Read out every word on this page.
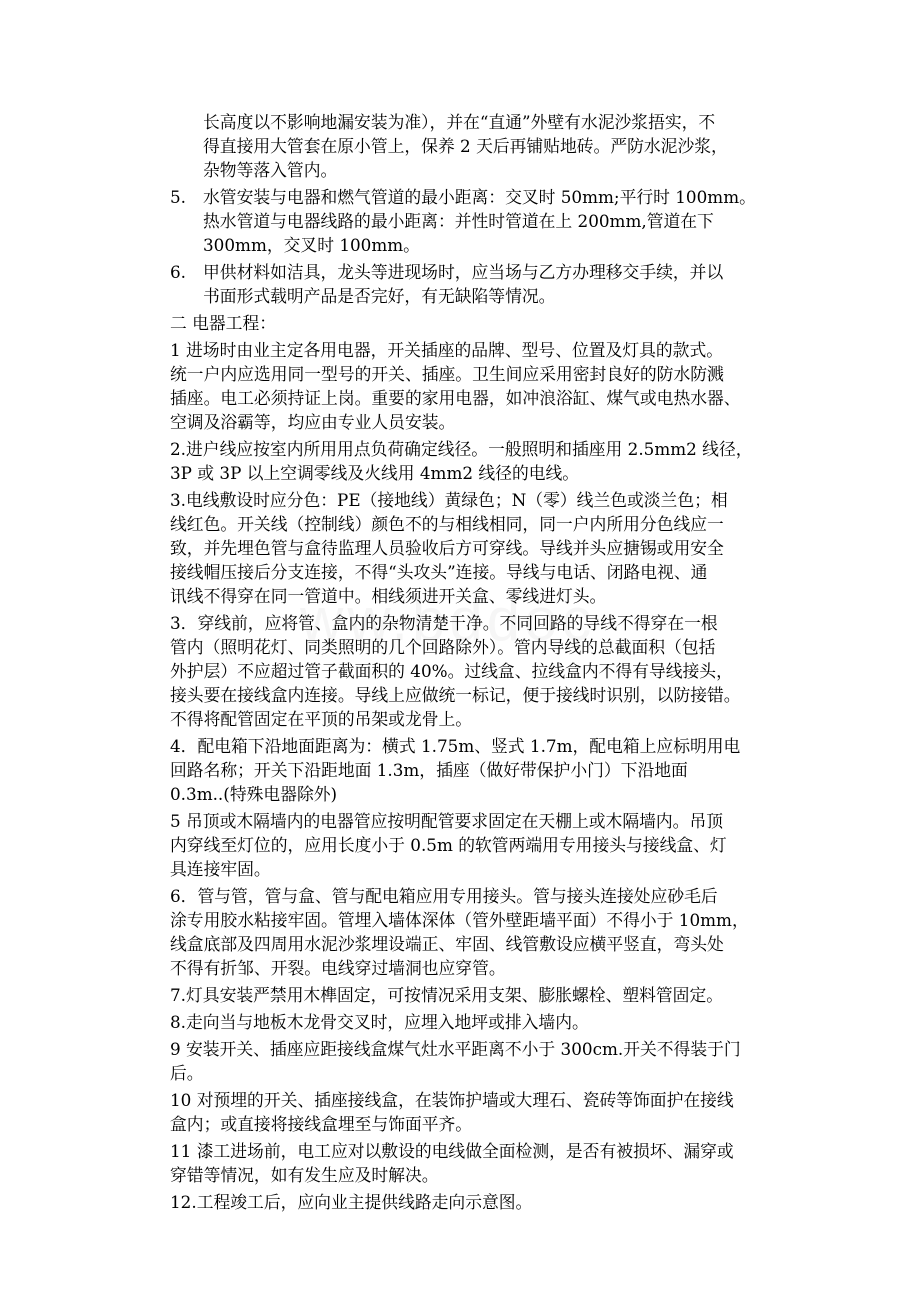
长高度以不影响地漏安装为准），并在“直通”外壁有水泥沙浆捂实，不
得直接用大管套在原小管上，保养 2 天后再铺贴地砖。严防水泥沙浆，
杂物等落入管内。
5.	水管安装与电器和燃气管道的最小距离：交叉时 50mm;平行时 100mm。
热水管道与电器线路的最小距离：并性时管道在上 200mm,管道在下
300mm，交叉时 100mm。
6.	甲供材料如洁具，龙头等进现场时，应当场与乙方办理移交手续，并以
书面形式载明产品是否完好，有无缺陷等情况。
二 电器工程：
1 进场时由业主定各用电器，开关插座的品牌、型号、位置及灯具的款式。
统一户内应选用同一型号的开关、插座。卫生间应采用密封良好的防水防溅
插座。电工必须持证上岗。重要的家用电器，如冲浪浴缸、煤气或电热水器、
空调及浴霸等，均应由专业人员安装。
2.进户线应按室内所用用点负荷确定线径。一般照明和插座用 2.5mm2 线径，
3P 或 3P 以上空调零线及火线用 4mm2 线径的电线。
3.电线敷设时应分色：PE（接地线）黄绿色；N（零）线兰色或淡兰色；相
线红色。开关线（控制线）颜色不的与相线相同，同一户内所用分色线应一
致，并先埋色管与盒待监理人员验收后方可穿线。导线并头应搪锡或用安全
接线帽压接后分支连接，不得“头攻头”连接。导线与电话、闭路电视、通
讯线不得穿在同一管道中。相线须进开关盒、零线进灯头。
3．穿线前，应将管、盒内的杂物清楚干净。不同回路的导线不得穿在一根
管内（照明花灯、同类照明的几个回路除外）。管内导线的总截面积（包括
外护层）不应超过管子截面积的 40%。过线盒、拉线盒内不得有导线接头，
接头要在接线盒内连接。导线上应做统一标记，便于接线时识别，以防接错。
不得将配管固定在平顶的吊架或龙骨上。
4．配电箱下沿地面距离为：横式 1.75m、竖式 1.7m，配电箱上应标明用电
回路名称；开关下沿距地面 1.3m，插座（做好带保护小门）下沿地面
0.3m..(特殊电器除外)
5 吊顶或木隔墙内的电器管应按明配管要求固定在天棚上或木隔墙内。吊顶
内穿线至灯位的，应用长度小于 0.5m 的软管两端用专用接头与接线盒、灯
具连接牢固。
6．管与管，管与盒、管与配电箱应用专用接头。管与接头连接处应砂毛后
涂专用胶水粘接牢固。管埋入墙体深体（管外壁距墙平面）不得小于 10mm，
线盒底部及四周用水泥沙浆埋设端正、牢固、线管敷设应横平竖直，弯头处
不得有折邹、开裂。电线穿过墙洞也应穿管。
7.灯具安装严禁用木榫固定，可按情况采用支架、膨胀螺栓、塑料管固定。
8.走向当与地板木龙骨交叉时，应埋入地坪或排入墙内。
9 安装开关、插座应距接线盒煤气灶水平距离不小于 300cm.开关不得装于门
后。
10 对预埋的开关、插座接线盒，在装饰护墙或大理石、瓷砖等饰面护在接线
盒内；或直接将接线盒埋至与饰面平齐。
11 漆工进场前，电工应对以敷设的电线做全面检测，是否有被损坏、漏穿或
穿错等情况，如有发生应及时解决。
12.工程竣工后，应向业主提供线路走向示意图。
